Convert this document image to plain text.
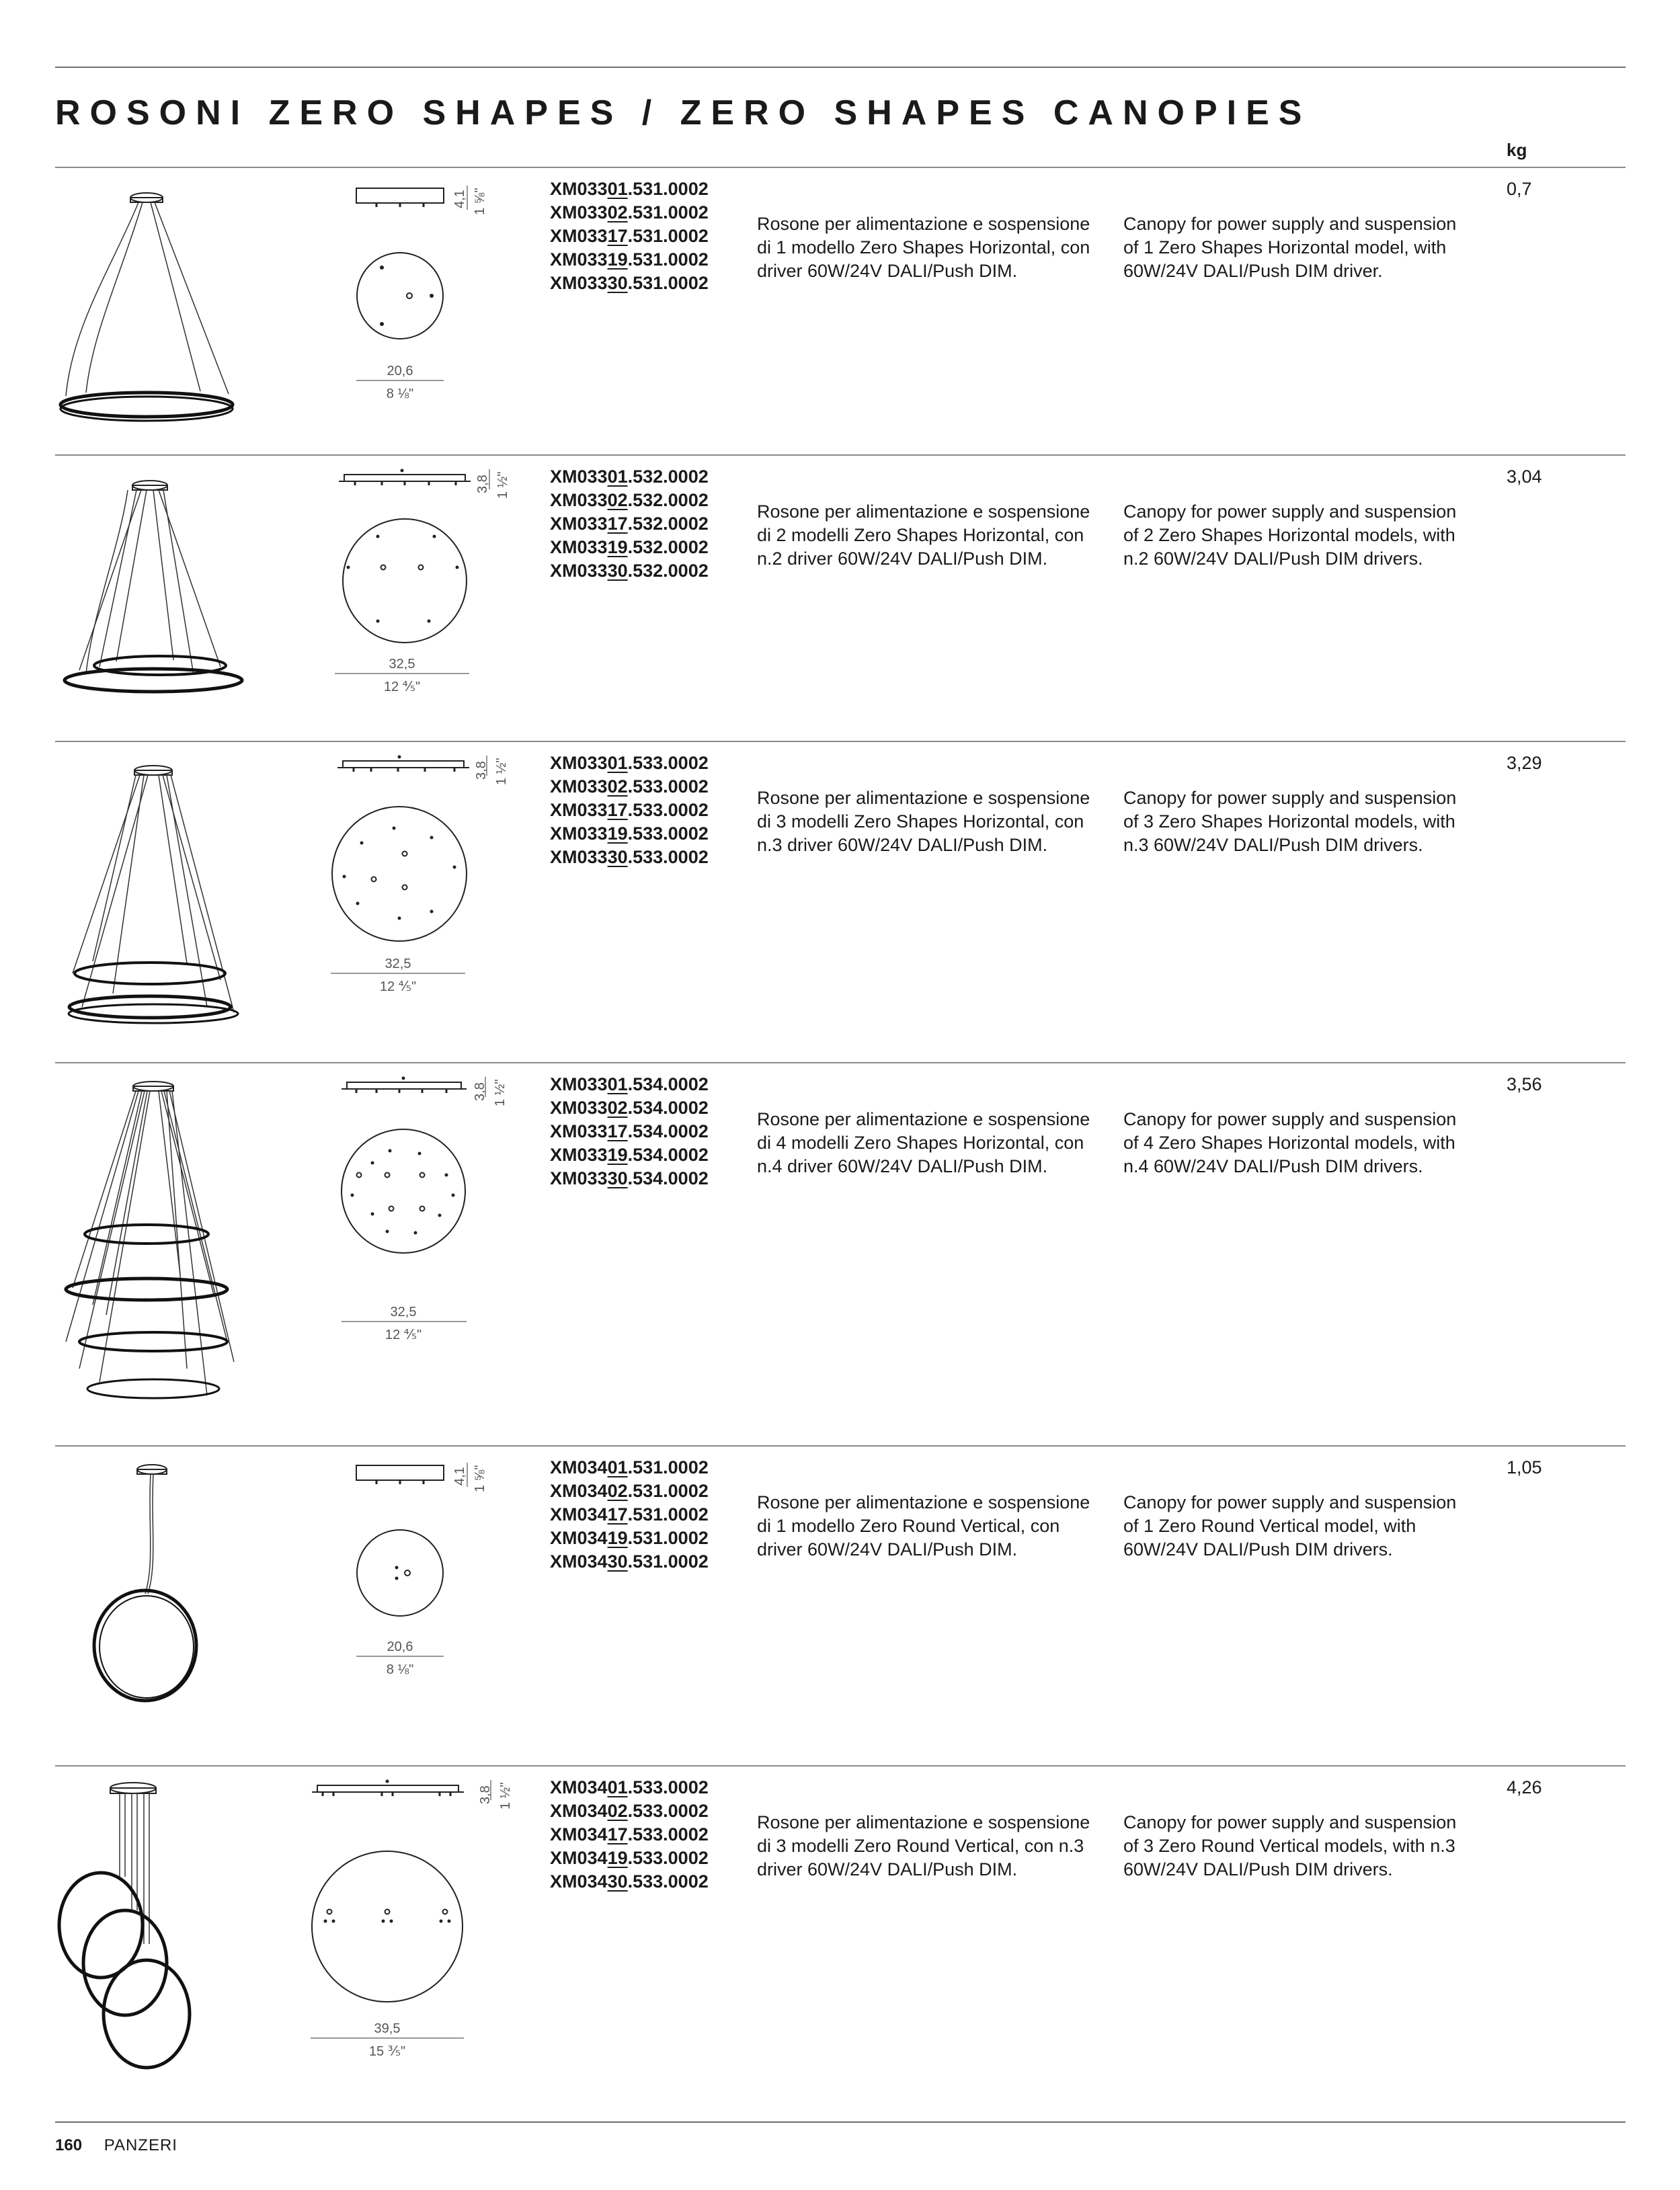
ROSONI ZERO SHAPES / ZERO SHAPES CANOPIES
kg
4,1 1 ⅝"
20,6
8 ⅛"
XM03301.531.0002
XM03302.531.0002
XM03317.531.0002
XM03319.531.0002
XM03330.531.0002

Rosone per alimentazione e sospensione di 1 modello Zero Shapes Horizontal, con driver 60W/24V DALI/Push DIM.

Canopy for power supply and suspension of 1 Zero Shapes Horizontal model, with 60W/24V DALI/Push DIM driver.

0,7
3,8 1 ½"
32,5
12 ⅘"
XM03301.532.0002
XM03302.532.0002
XM03317.532.0002
XM03319.532.0002
XM03330.532.0002

Rosone per alimentazione e sospensione di 2 modelli Zero Shapes Horizontal, con n.2 driver 60W/24V DALI/Push DIM.

Canopy for power supply and suspension of 2 Zero Shapes Horizontal models, with n.2 60W/24V DALI/Push DIM drivers.

3,04
3,8 1 ½"
32,5
12 ⅘"
XM03301.533.0002
XM03302.533.0002
XM03317.533.0002
XM03319.533.0002
XM03330.533.0002

Rosone per alimentazione e sospensione di 3 modelli Zero Shapes Horizontal, con n.3 driver 60W/24V DALI/Push DIM.

Canopy for power supply and suspension of 3 Zero Shapes Horizontal models, with n.3 60W/24V DALI/Push DIM drivers.

3,29
3,8 1 ½"
32,5
12 ⅘"
XM03301.534.0002
XM03302.534.0002
XM03317.534.0002
XM03319.534.0002
XM03330.534.0002

Rosone per alimentazione e sospensione di 4 modelli Zero Shapes Horizontal, con n.4 driver 60W/24V DALI/Push DIM.

Canopy for power supply and suspension of 4 Zero Shapes Horizontal models, with n.4 60W/24V DALI/Push DIM drivers.

3,56
4,1 1 ⅝"
20,6
8 ⅛"
XM03401.531.0002
XM03402.531.0002
XM03417.531.0002
XM03419.531.0002
XM03430.531.0002

Rosone per alimentazione e sospensione di 1 modello Zero Round Vertical, con driver 60W/24V DALI/Push DIM.

Canopy for power supply and suspension of 1 Zero Round Vertical model, with 60W/24V DALI/Push DIM drivers.

1,05
3,8 1 ½"
39,5
15 ⅗"
XM03401.533.0002
XM03402.533.0002
XM03417.533.0002
XM03419.533.0002
XM03430.533.0002

Rosone per alimentazione e sospensione di 3 modelli Zero Round Vertical, con n.3 driver 60W/24V DALI/Push DIM.

Canopy for power supply and suspension of 3 Zero Round Vertical models, with n.3 60W/24V DALI/Push DIM drivers.

4,26
160 PANZERI
